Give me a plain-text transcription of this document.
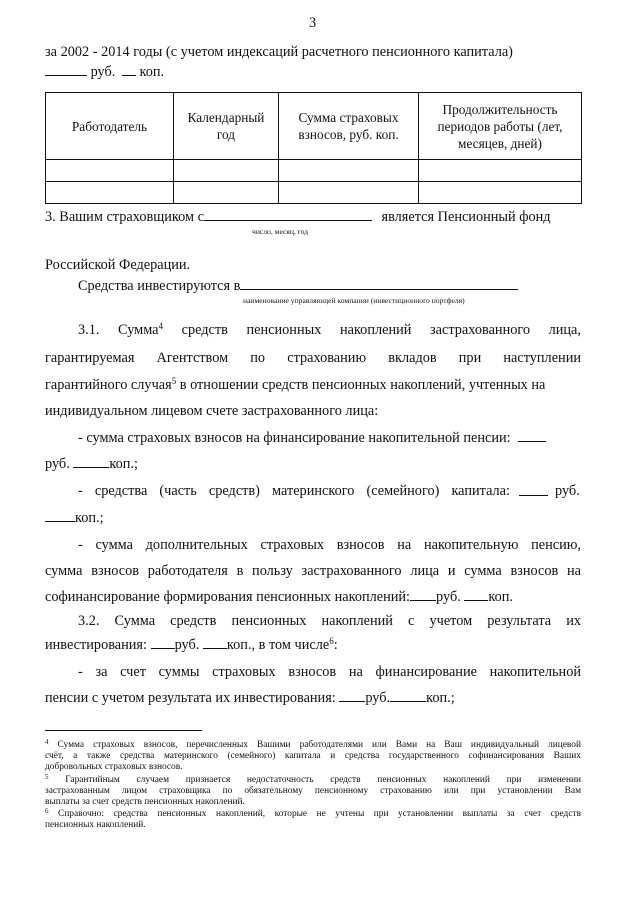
3
за 2002 - 2014 годы (с учетом индексаций расчетного пенсионного капитала)
руб. коп.
Работодатель	Календарный год	Сумма страховых взносов, руб. коп.	Продолжительность периодов работы (лет, месяцев, дней)

3. Вашим страховщиком с	является Пенсионный фонд
число, месяц, год
Российской Федерации.
Средства инвестируются в
наименование управляющей компании (инвестиционного портфеля)
3.1. Сумма$^4$ средств пенсионных накоплений застрахованного лица,
гарантируемая Агентством по страхованию вкладов при наступлении
гарантийного случая$^5$ в отношении средств пенсионных накоплений, учтенных на
индивидуальном лицевом счете застрахованного лица:
- сумма страховых взносов на финансирование накопительной пенсии:
руб.	коп.;
- средства (часть средств) материнского (семейного) капитала:	руб.
коп.;
- сумма дополнительных страховых взносов на накопительную пенсию,
сумма взносов работодателя в пользу застрахованного лица и сумма взносов на
софинансирование формирования пенсионных накоплений: руб. коп.
3.2. Сумма средств пенсионных накоплений с учетом результата их
инвестирования: руб. коп., в том числе$^6$:
- за счет суммы страховых взносов на финансирование накопительной
пенсии с учетом результата их инвестирования: руб.	коп.;
$^4$ Сумма страховых взносов, перечисленных Вашими работодателями или Вами на Ваш индивидуальный лицевой
счёт, а также средства материнского (семейного) капитала и средства государственного софинансирования Ваших
добровольных страховых взносов.
$^5$ Гарантийным случаем признается недостаточность средств пенсионных накоплений при изменении
застрахованным лицом страховщика по обязательному пенсионному страхованию или при установлении Вам
выплаты за счет средств пенсионных накоплений.
$^6$ Справочно: средства пенсионных накоплений, которые не учтены при установлении выплаты за счет средств
пенсионных накоплений.
